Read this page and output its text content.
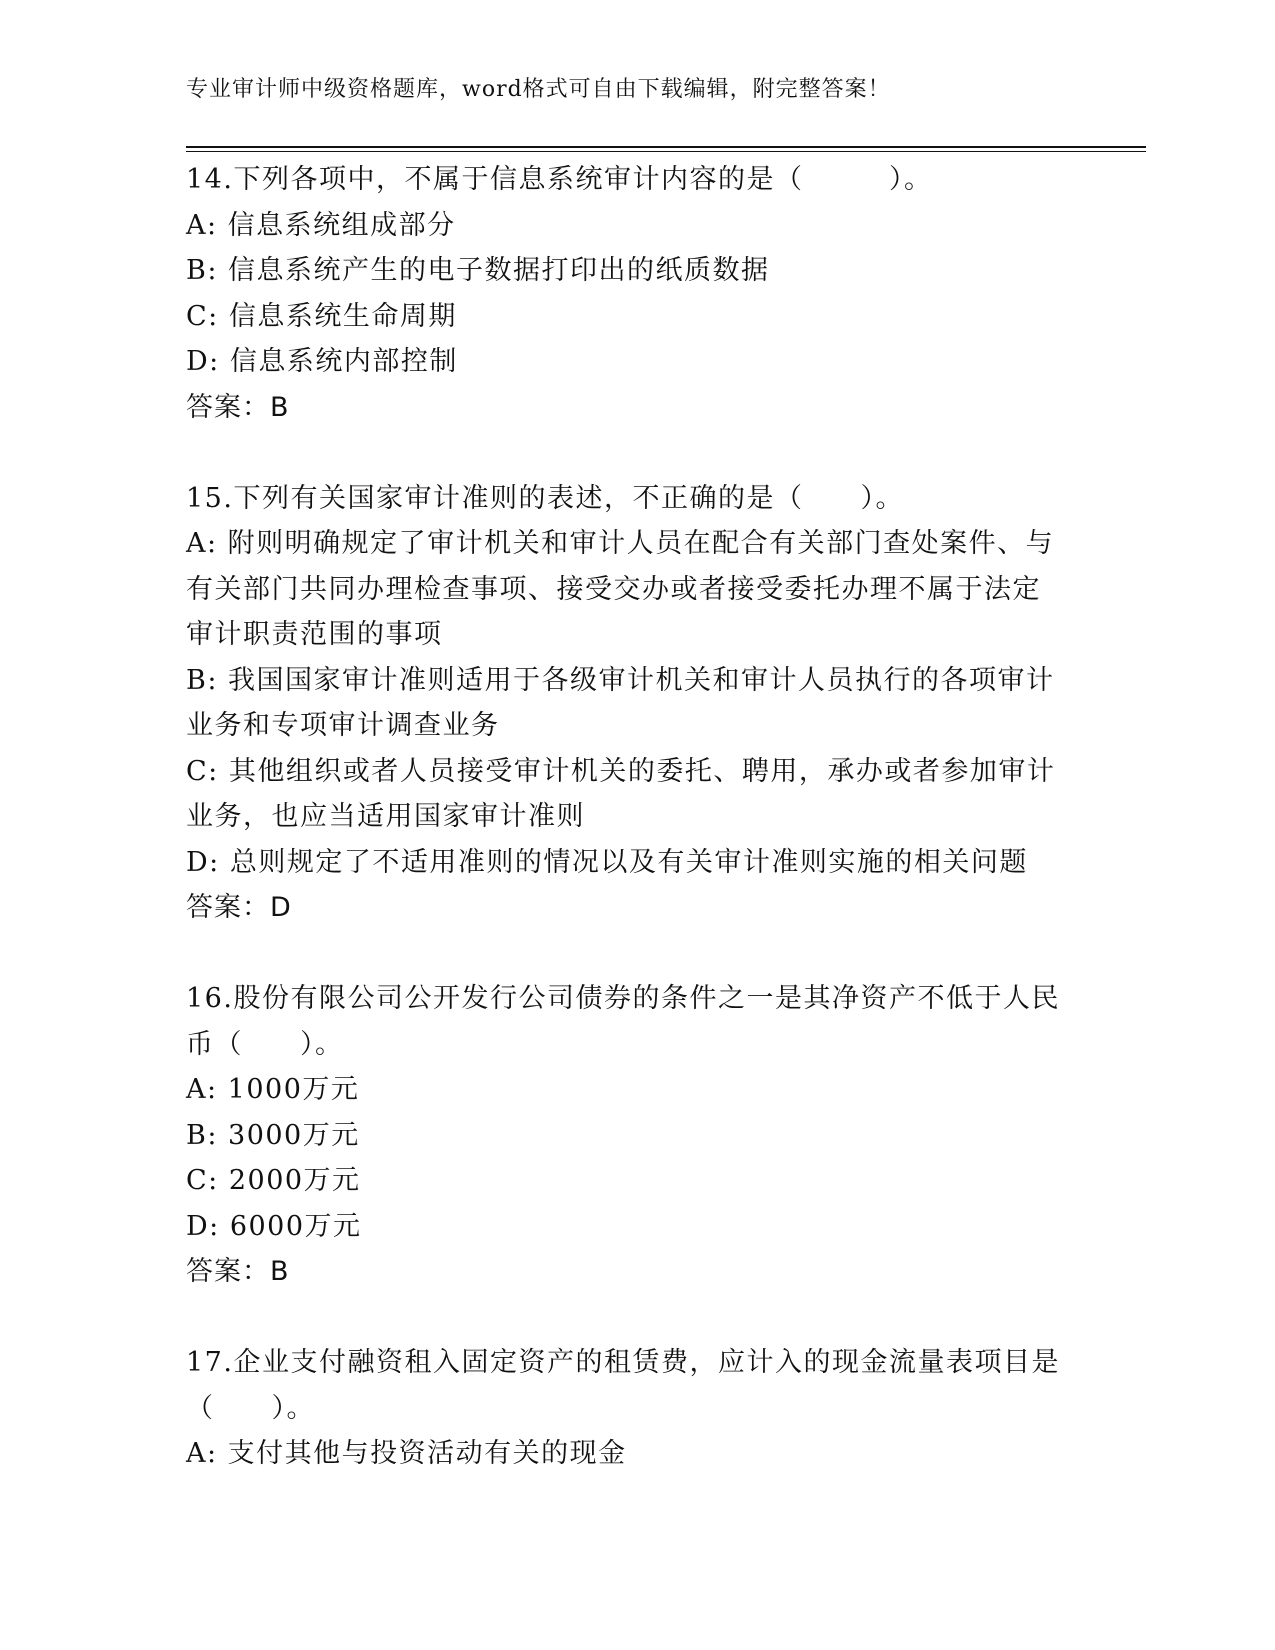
专业审计师中级资格题库，word格式可自由下载编辑，附完整答案！

14.下列各项中，不属于信息系统审计内容的是（　　　）。

A: 信息系统组成部分

B: 信息系统产生的电子数据打印出的纸质数据

C: 信息系统生命周期

D: 信息系统内部控制

答案：B

15.下列有关国家审计准则的表述，不正确的是（　　）。

A: 附则明确规定了审计机关和审计人员在配合有关部门查处案件、与有关部门共同办理检查事项、接受交办或者接受委托办理不属于法定审计职责范围的事项

B: 我国国家审计准则适用于各级审计机关和审计人员执行的各项审计业务和专项审计调查业务

C: 其他组织或者人员接受审计机关的委托、聘用，承办或者参加审计业务，也应当适用国家审计准则

D: 总则规定了不适用准则的情况以及有关审计准则实施的相关问题

答案：D

16.股份有限公司公开发行公司债券的条件之一是其净资产不低于人民币（　　）。

A: 1000万元

B: 3000万元

C: 2000万元

D: 6000万元

答案：B

17.企业支付融资租入固定资产的租赁费，应计入的现金流量表项目是（　　）。

A: 支付其他与投资活动有关的现金
